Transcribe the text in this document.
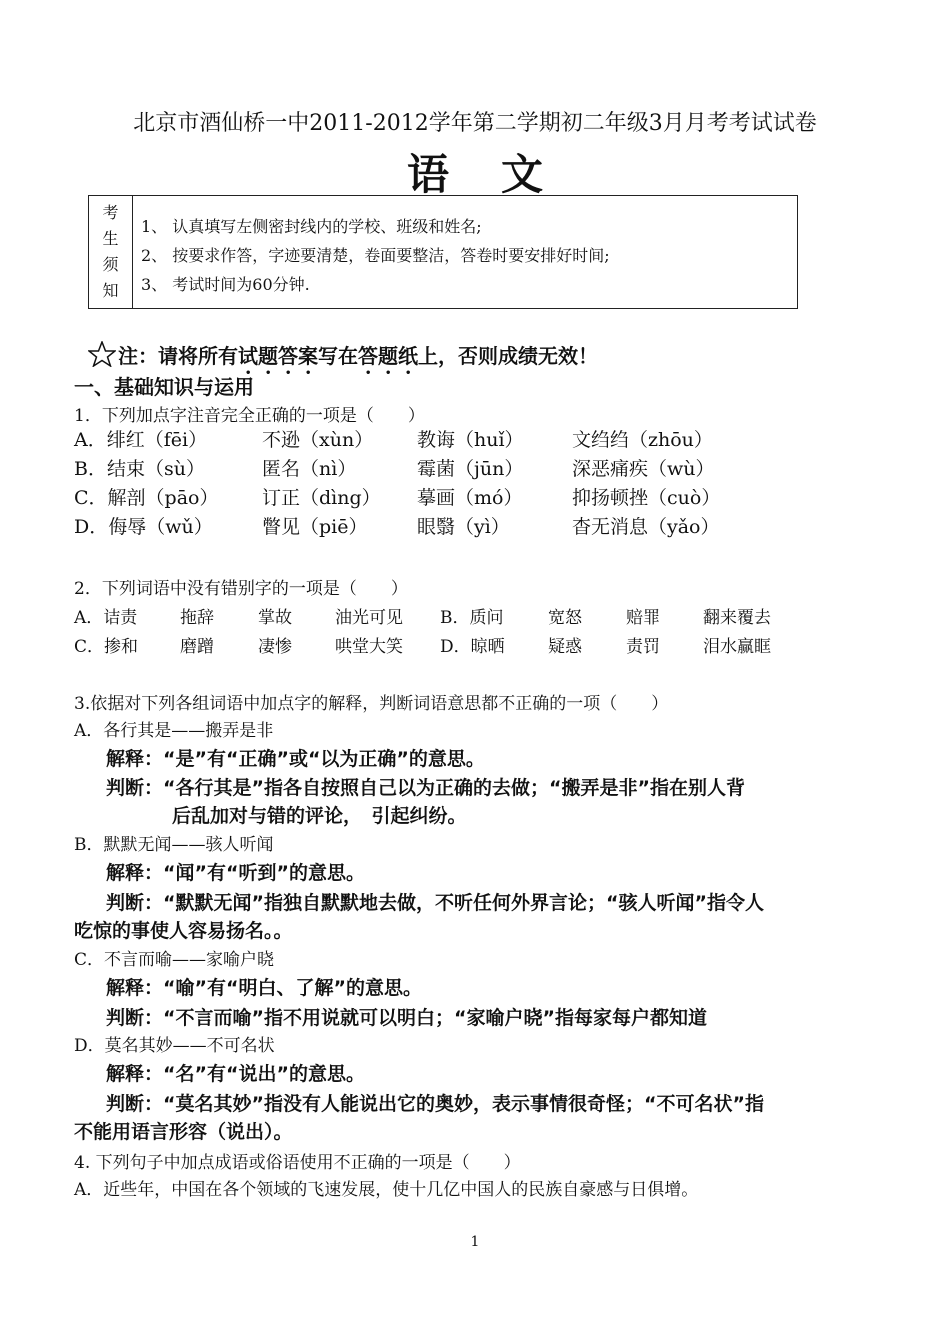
北京市酒仙桥一中2011-2012学年第二学期初二年级3月月考考试试卷
语文
考
生
须
知
1、 认真填写左侧密封线内的学校、班级和姓名;
2、 按要求作答，字迹要清楚，卷面要整洁，答卷时要安排好时间;
3、 考试时间为60分钟.
注：请将所有试题答案写在答题纸上，否则成绩无效！
一、基础知识与运用
1．下列加点字注音完全正确的一项是（　　）
A．绯红（fēi）	不逊（xùn） 教诲（huǐ）	文绉绉（zhōu）
B．结束（sù）	匿名（nì）	霉菌（jūn）	深恶痛疾（wù）
C．解剖（pāo） 订正（dìng） 摹画（mó）	抑扬顿挫（cuò）
D．侮辱（wǔ）	瞥见（piē）	眼翳（yì）	杳无消息（yǎo）
2．下列词语中没有错别字的一项是（　　）
A．诘责	拖辞	掌故	油光可见 B．质问	宽怒	赔罪	翻来覆去
C．掺和 磨蹭	凄惨	哄堂大笑 D．晾晒	疑惑	责罚	泪水赢眶
3.依据对下列各组词语中加点字的解释，判断词语意思都不正确的一项（　　）
A．各行其是——搬弄是非
解释：“是”有“正确”或“以为正确”的意思。
判断：“各行其是”指各自按照自己以为正确的去做；“搬弄是非”指在别人背
后乱加对与错的评论，　引起纠纷。
B．默默无闻——骇人听闻
解释：“闻”有“听到”的意思。
判断：“默默无闻”指独自默默地去做，不听任何外界言论；“骇人听闻”指令人
吃惊的事使人容易扬名。。
C．不言而喻——家喻户晓
解释：“喻”有“明白、了解”的意思。
判断：“不言而喻”指不用说就可以明白；“家喻户晓”指每家每户都知道
D．莫名其妙——不可名状
解释：“名”有“说出”的意思。
判断：“莫名其妙”指没有人能说出它的奥妙，表示事情很奇怪；“不可名状”指
不能用语言形容（说出）。
4. 下列句子中加点成语或俗语使用不正确的一项是（　　）
A．近些年，中国在各个领域的飞速发展，使十几亿中国人的民族自豪感与日俱增。
1
